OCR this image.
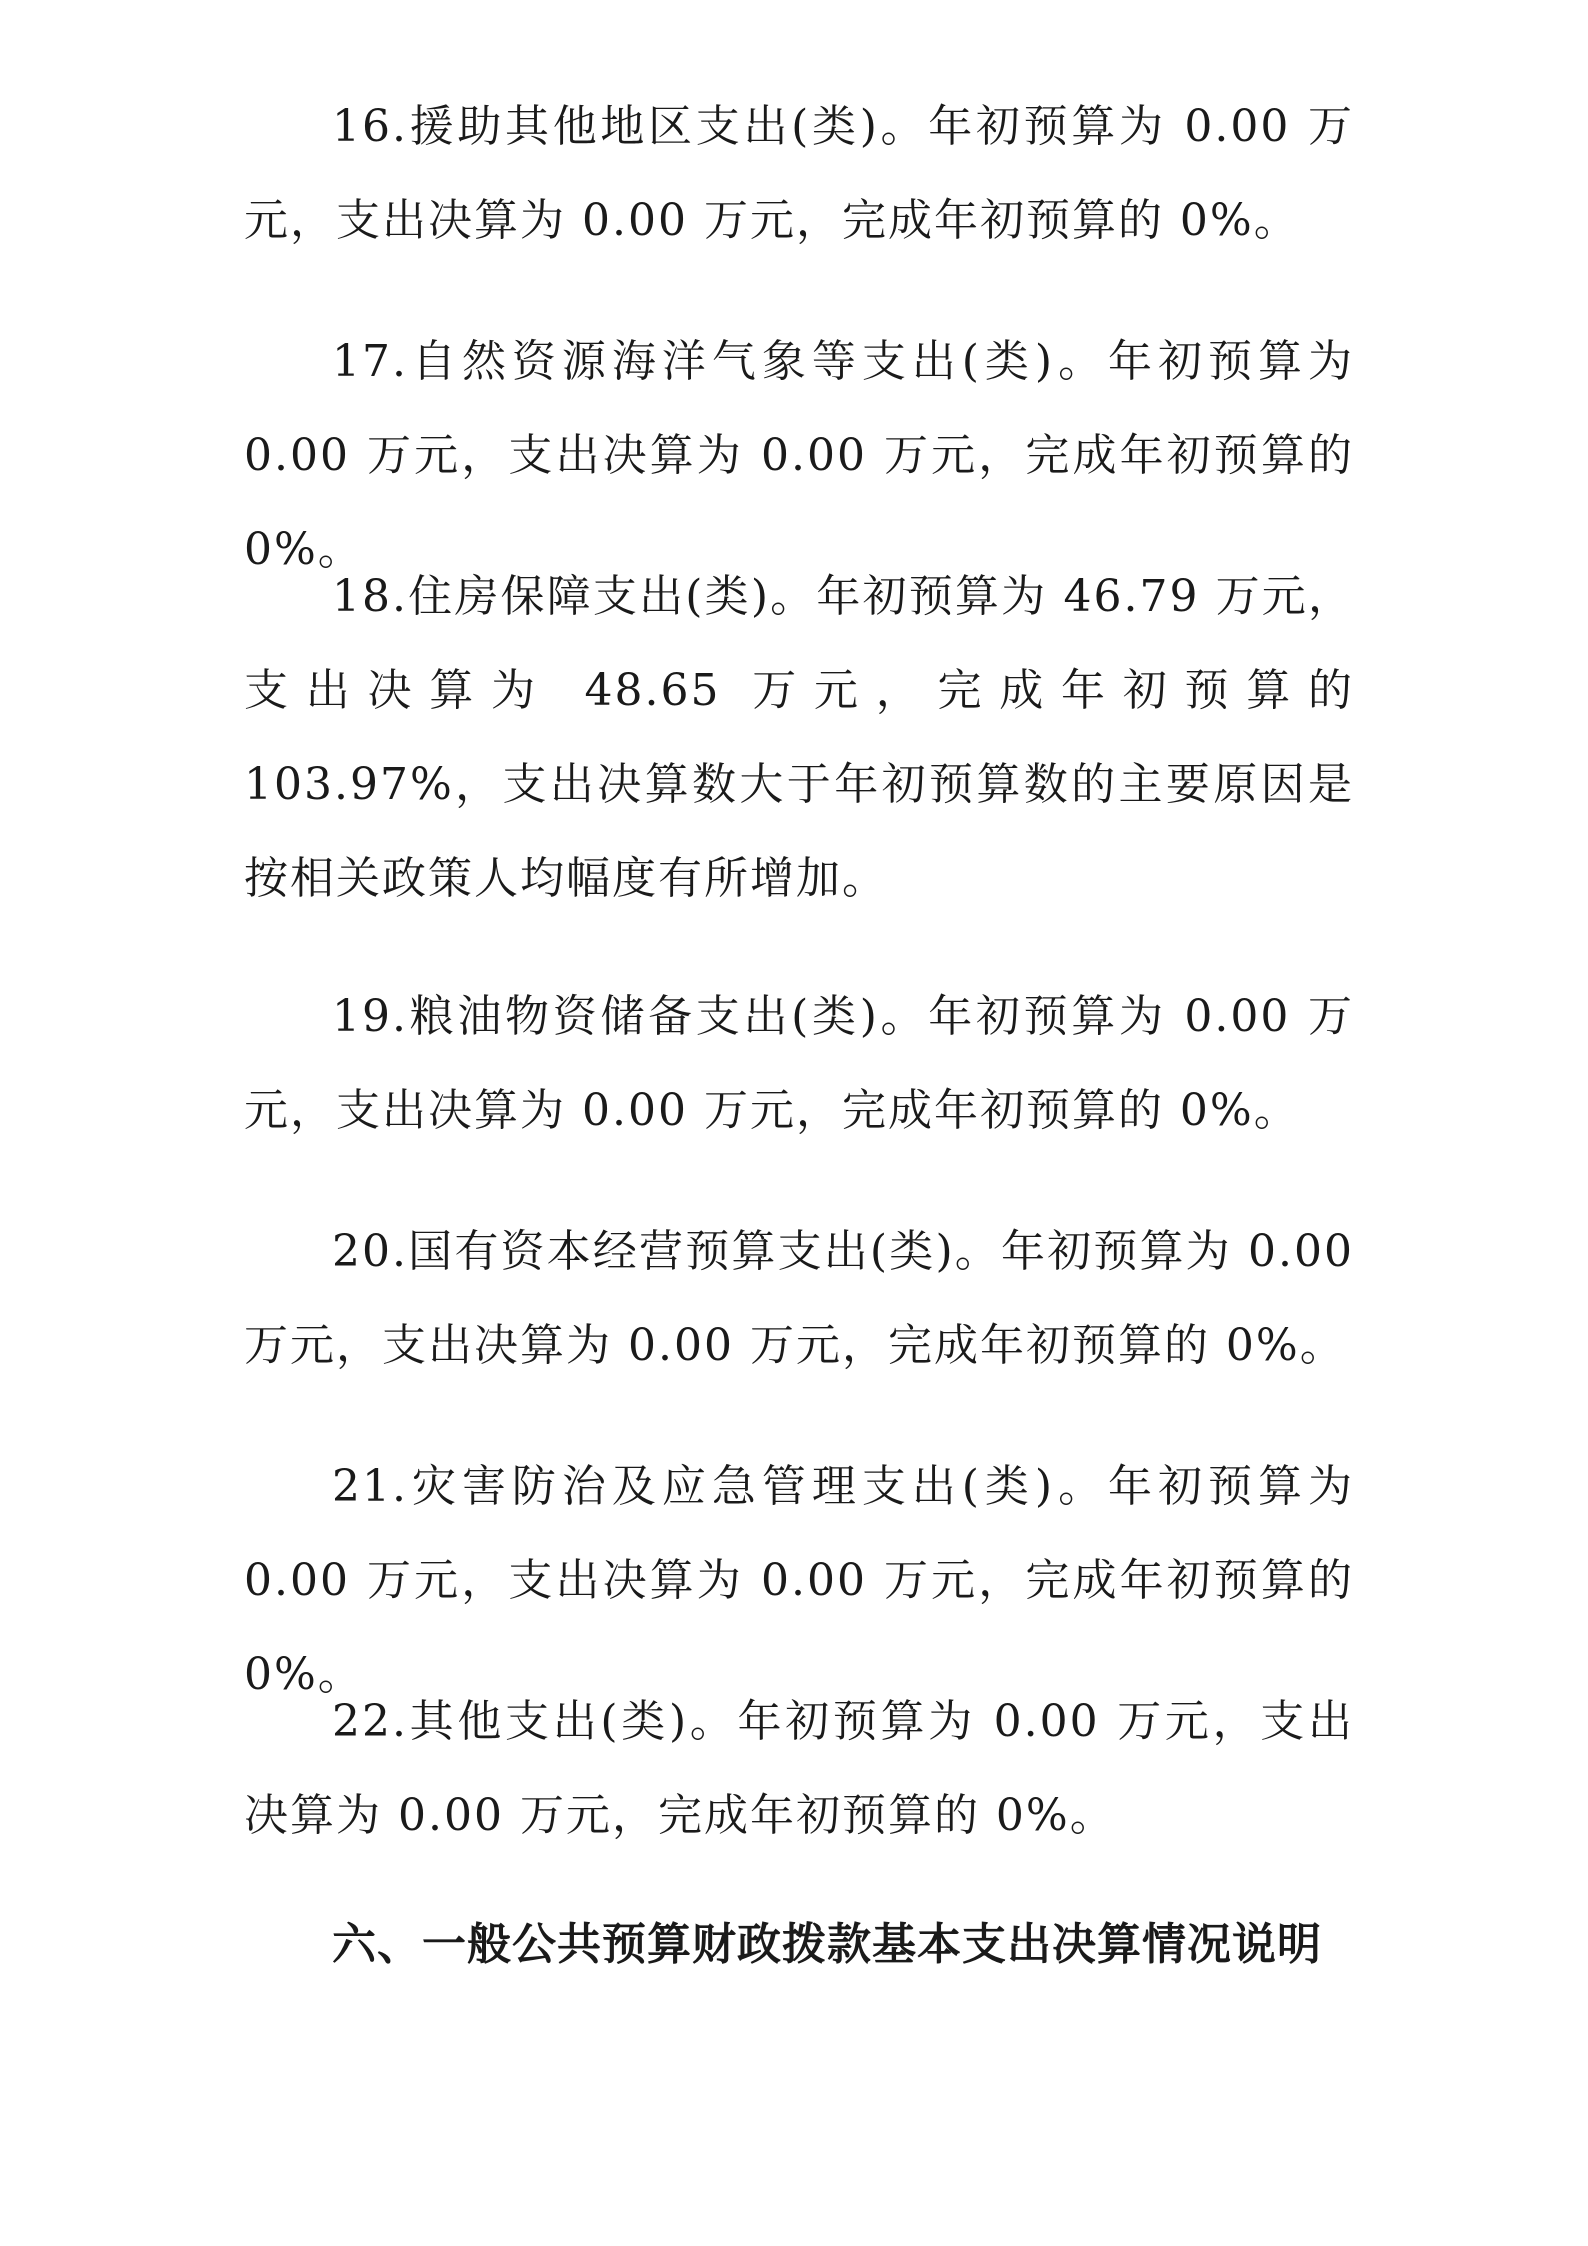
16.援助其他地区支出(类)。年初预算为 0.00 万元，支出决算为 0.00 万元，完成年初预算的 0%。

17.自然资源海洋气象等支出(类)。年初预算为 0.00 万元，支出决算为 0.00 万元，完成年初预算的 0%。

18.住房保障支出(类)。年初预算为 46.79 万元，支出决算为 48.65 万元，完成年初预算的 103.97%，支出决算数大于年初预算数的主要原因是按相关政策人均幅度有所增加。

19.粮油物资储备支出(类)。年初预算为 0.00 万元，支出决算为 0.00 万元，完成年初预算的 0%。

20.国有资本经营预算支出(类)。年初预算为 0.00 万元，支出决算为 0.00 万元，完成年初预算的 0%。

21.灾害防治及应急管理支出(类)。年初预算为 0.00 万元，支出决算为 0.00 万元，完成年初预算的 0%。

22.其他支出(类)。年初预算为 0.00 万元，支出决算为 0.00 万元，完成年初预算的 0%。

六、一般公共预算财政拨款基本支出决算情况说明
